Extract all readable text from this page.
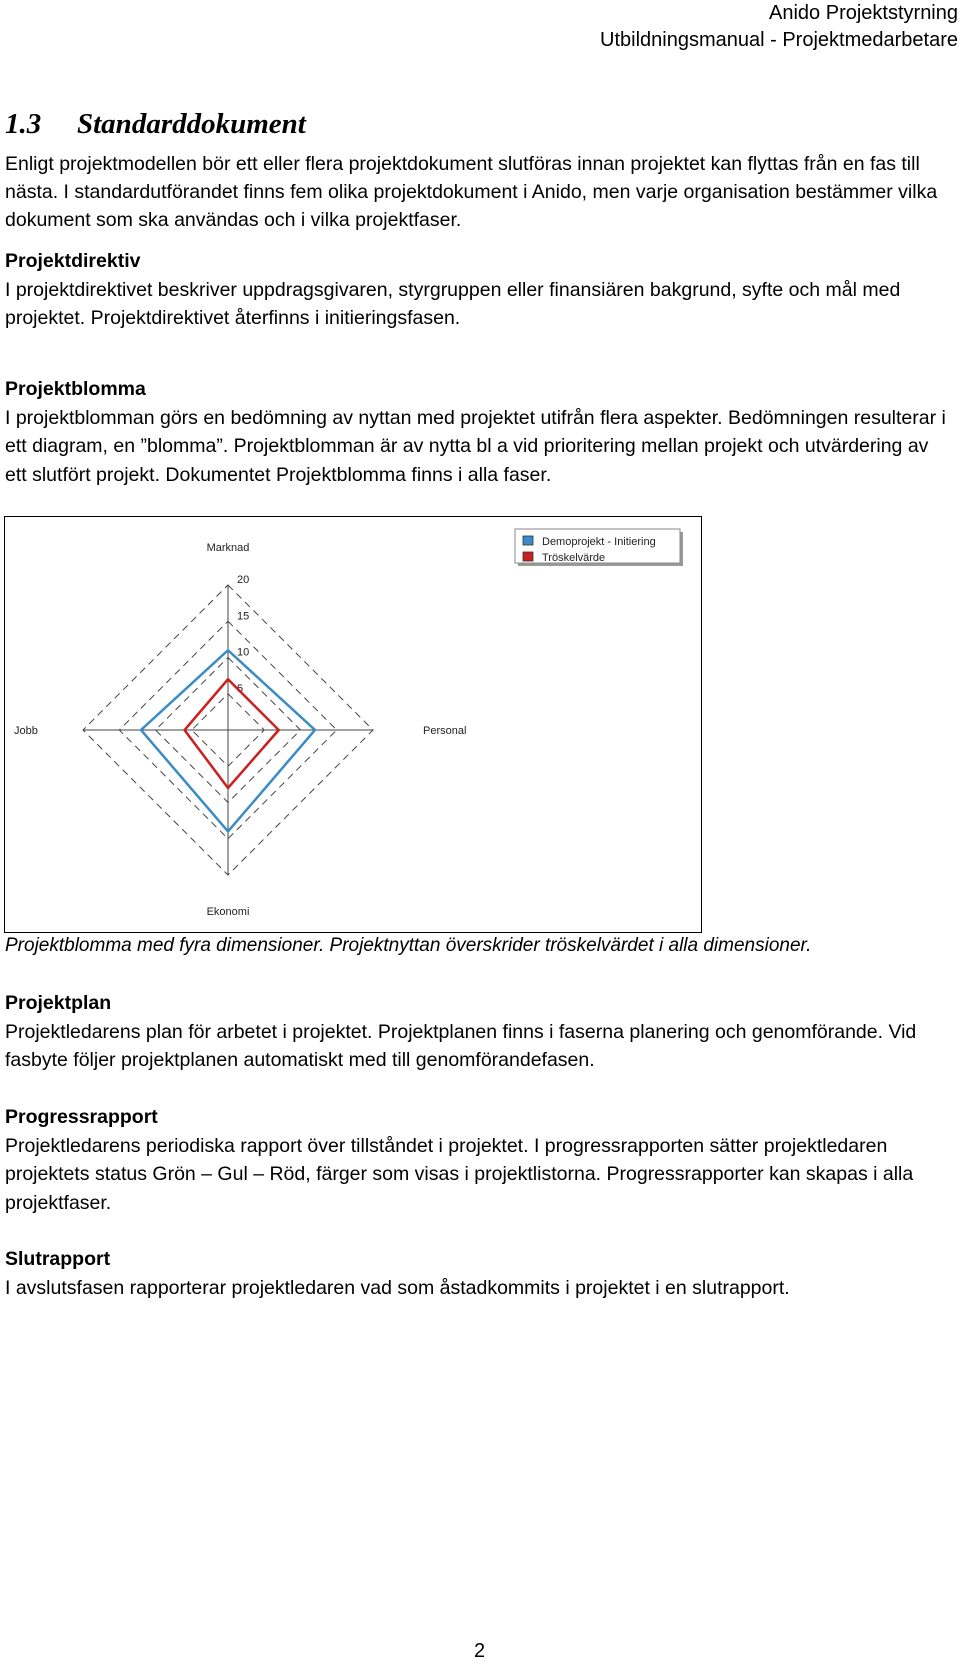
Anido Projektstyrning
Utbildningsmanual - Projektmedarbetare
1.3 Standarddokument

Enligt projektmodellen bör ett eller flera projektdokument slutföras innan projektet kan flyttas från en fas till nästa. I standardutförandet finns fem olika projektdokument i Anido, men varje organisation bestämmer vilka dokument som ska användas och i vilka projektfaser.

Projektdirektiv
I projektdirektivet beskriver uppdragsgivaren, styrgruppen eller finansiären bakgrund, syfte och mål med projektet. Projektdirektivet återfinns i initieringsfasen.
Projektblomma
I projektblomman görs en bedömning av nyttan med projektet utifrån flera aspekter. Bedömningen resulterar i ett diagram, en ”blomma”. Projektblomman är av nytta bl a vid prioritering mellan projekt och utvärdering av ett slutfört projekt. Dokumentet Projektblomma finns i alla faser.
5
10
15
20
Marknad
Personal
Ekonomi
Jobb
Demoprojekt - Initiering
Tröskelvärde

Projektblomma med fyra dimensioner. Projektnyttan överskrider tröskelvärdet i alla dimensioner.

Projektplan
Projektledarens plan för arbetet i projektet. Projektplanen finns i faserna planering och genomförande. Vid fasbyte följer projektplanen automatiskt med till genomförandefasen.
Progressrapport
Projektledarens periodiska rapport över tillståndet i projektet. I progressrapporten sätter projektledaren projektets status Grön – Gul – Röd, färger som visas i projektlistorna. Progressrapporter kan skapas i alla projektfaser.
Slutrapport
I avslutsfasen rapporterar projektledaren vad som åstadkommits i projektet i en slutrapport.
2
